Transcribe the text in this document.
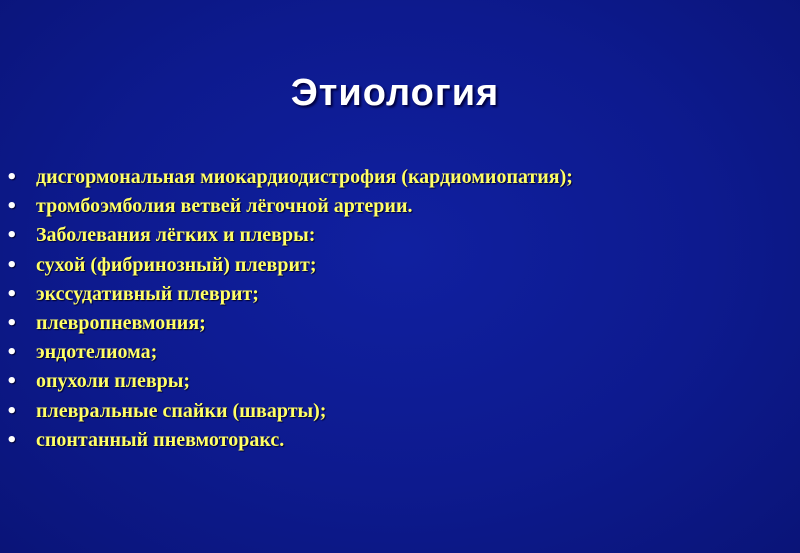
Этиология
• дисгормональная миокардиодистрофия (кардиомиопатия);
• тромбоэмболия ветвей лёгочной артерии.
• Заболевания лёгких и плевры:
• сухой (фибринозный) плеврит;
• экссудативный плеврит;
• плевропневмония;
• эндотелиома;
• опухоли плевры;
• плевральные спайки (шварты);
• спонтанный пневмоторакс.
